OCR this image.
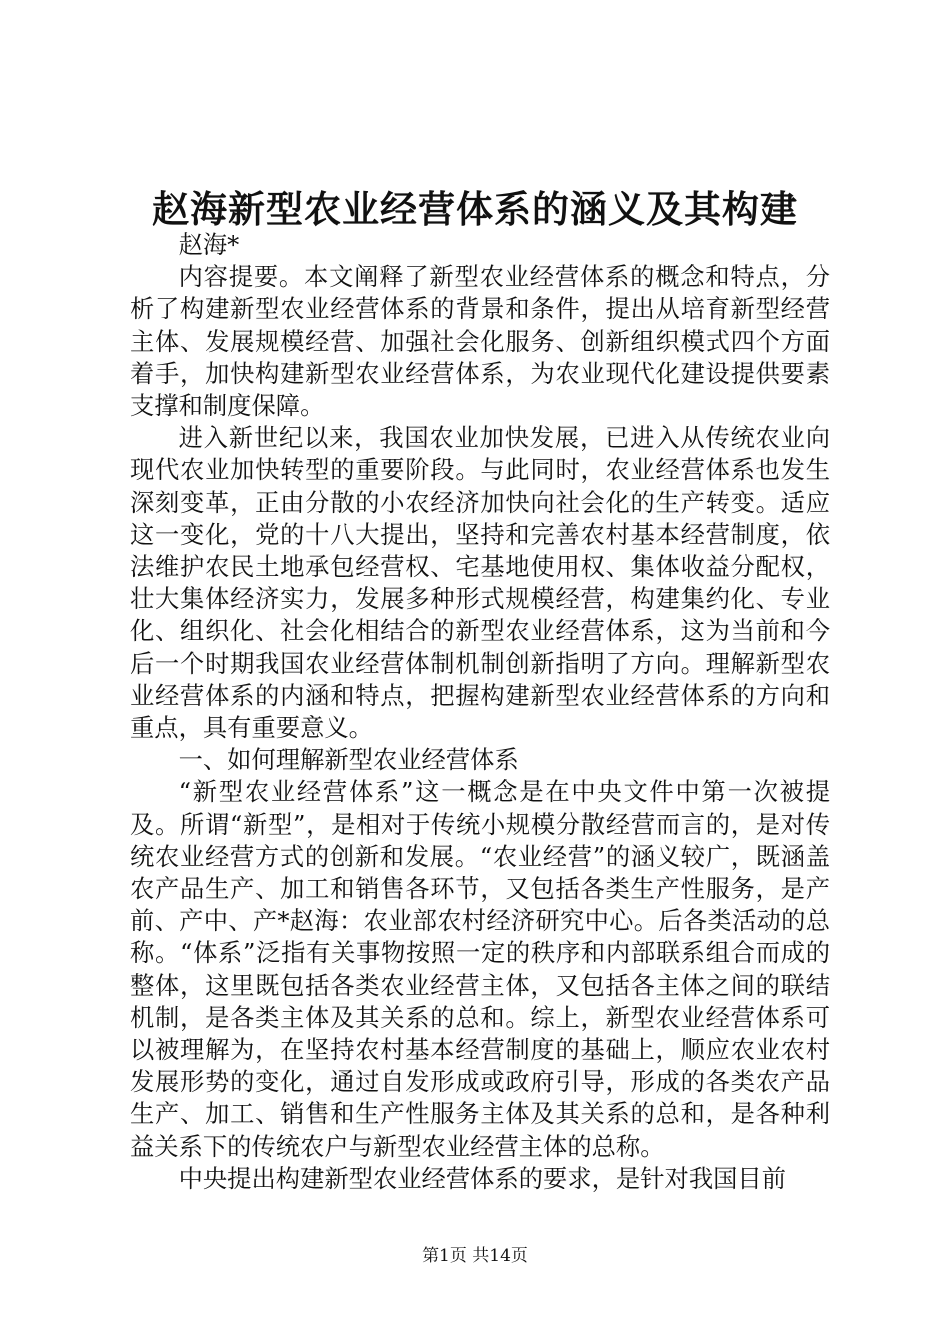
赵海新型农业经营体系的涵义及其构建

赵海*

内容提要。本文阐释了新型农业经营体系的概念和特点，分析了构建新型农业经营体系的背景和条件，提出从培育新型经营主体、发展规模经营、加强社会化服务、创新组织模式四个方面着手，加快构建新型农业经营体系，为农业现代化建设提供要素支撑和制度保障。

进入新世纪以来，我国农业加快发展，已进入从传统农业向现代农业加快转型的重要阶段。与此同时，农业经营体系也发生深刻变革，正由分散的小农经济加快向社会化的生产转变。适应这一变化，党的十八大提出，坚持和完善农村基本经营制度，依法维护农民土地承包经营权、宅基地使用权、集体收益分配权，壮大集体经济实力，发展多种形式规模经营，构建集约化、专业化、组织化、社会化相结合的新型农业经营体系，这为当前和今后一个时期我国农业经营体制机制创新指明了方向。理解新型农业经营体系的内涵和特点，把握构建新型农业经营体系的方向和重点，具有重要意义。

一、如何理解新型农业经营体系

“新型农业经营体系”这一概念是在中央文件中第一次被提及。所谓“新型”，是相对于传统小规模分散经营而言的，是对传统农业经营方式的创新和发展。“农业经营”的涵义较广，既涵盖农产品生产、加工和销售各环节，又包括各类生产性服务，是产前、产中、产*赵海：农业部农村经济研究中心。后各类活动的总称。“体系”泛指有关事物按照一定的秩序和内部联系组合而成的整体，这里既包括各类农业经营主体，又包括各主体之间的联结机制，是各类主体及其关系的总和。综上，新型农业经营体系可以被理解为，在坚持农村基本经营制度的基础上，顺应农业农村发展形势的变化，通过自发形成或政府引导，形成的各类农产品生产、加工、销售和生产性服务主体及其关系的总和，是各种利益关系下的传统农户与新型农业经营主体的总称。

中央提出构建新型农业经营体系的要求，是针对我国目前

第1页 共14页
